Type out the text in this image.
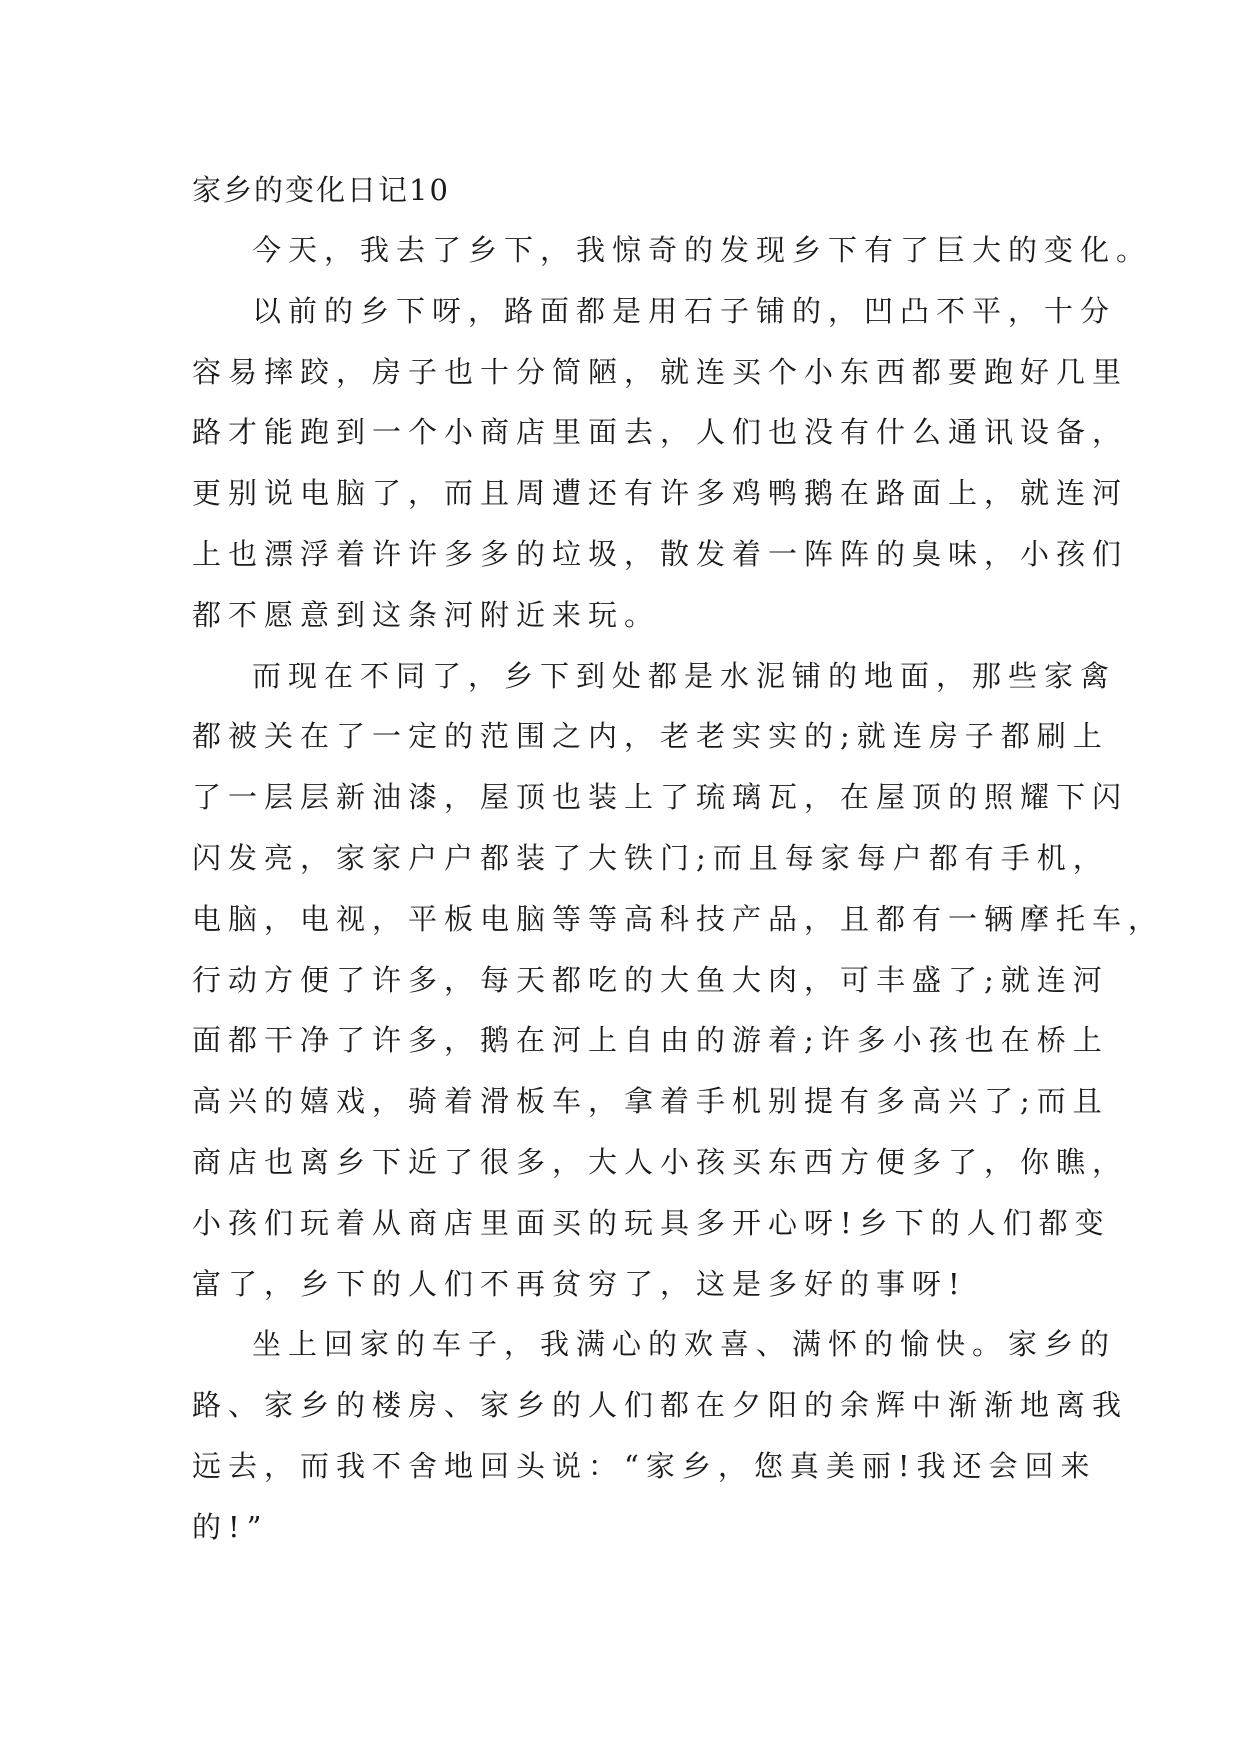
家乡的变化日记10
今天，我去了乡下，我惊奇的发现乡下有了巨大的变化。
以前的乡下呀，路面都是用石子铺的，凹凸不平，十分
容易摔跤，房子也十分简陋，就连买个小东西都要跑好几里
路才能跑到一个小商店里面去，人们也没有什么通讯设备，
更别说电脑了，而且周遭还有许多鸡鸭鹅在路面上，就连河
上也漂浮着许许多多的垃圾，散发着一阵阵的臭味，小孩们
都不愿意到这条河附近来玩。
而现在不同了，乡下到处都是水泥铺的地面，那些家禽
都被关在了一定的范围之内，老老实实的;就连房子都刷上
了一层层新油漆，屋顶也装上了琉璃瓦，在屋顶的照耀下闪
闪发亮，家家户户都装了大铁门;而且每家每户都有手机，
电脑，电视，平板电脑等等高科技产品，且都有一辆摩托车，
行动方便了许多，每天都吃的大鱼大肉，可丰盛了;就连河
面都干净了许多，鹅在河上自由的游着;许多小孩也在桥上
高兴的嬉戏，骑着滑板车，拿着手机别提有多高兴了;而且
商店也离乡下近了很多，大人小孩买东西方便多了，你瞧，
小孩们玩着从商店里面买的玩具多开心呀!乡下的人们都变
富了，乡下的人们不再贫穷了，这是多好的事呀!
坐上回家的车子，我满心的欢喜、满怀的愉快。家乡的
路、家乡的楼房、家乡的人们都在夕阳的余辉中渐渐地离我
远去，而我不舍地回头说：“家乡，您真美丽!我还会回来
的!”
